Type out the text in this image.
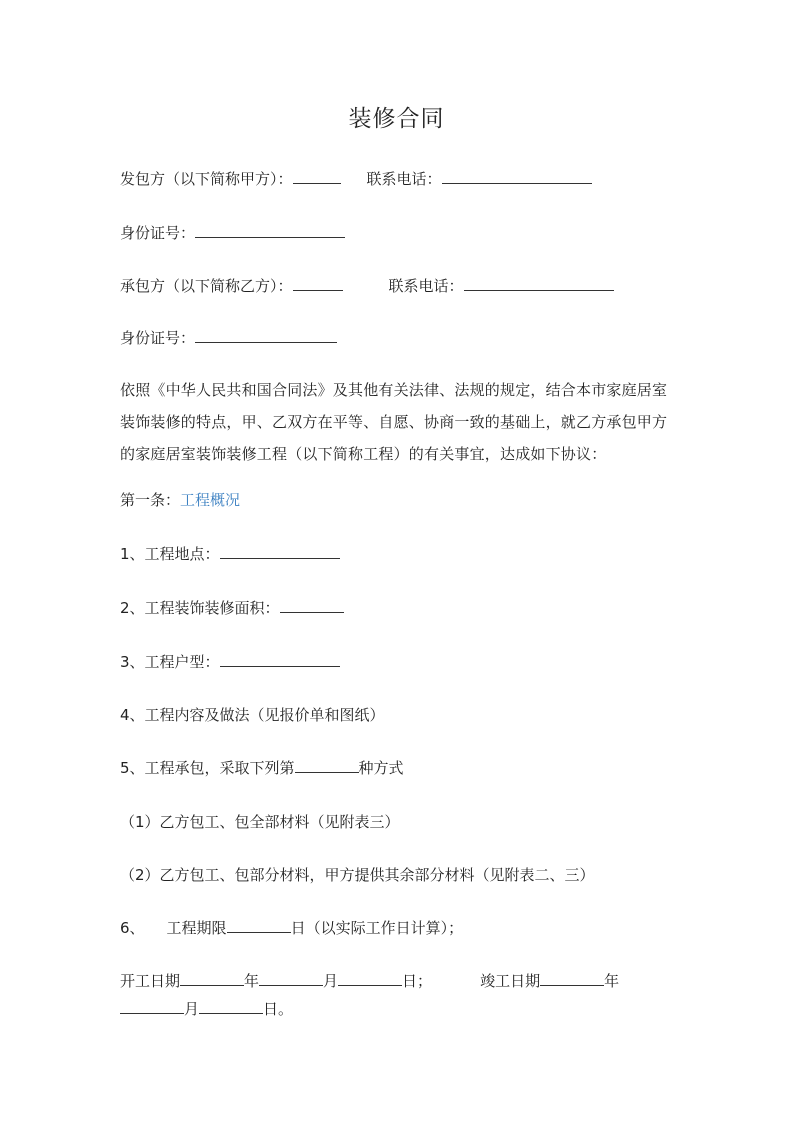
装修合同
发包方（以下简称甲方）：	联系电话：
身份证号：
承包方（以下简称乙方）：	联系电话：
身份证号：
依照《中华人民共和国合同法》及其他有关法律、法规的规定，结合本市家庭居室装饰装修的特点，甲、乙双方在平等、自愿、协商一致的基础上，就乙方承包甲方的家庭居室装饰装修工程（以下简称工程）的有关事宜，达成如下协议：
第一条：工程概况
1、工程地点：
2、工程装饰装修面积：
3、工程户型：
4、工程内容及做法（见报价单和图纸）
5、工程承包，采取下列第	种方式
（1）乙方包工、包全部材料（见附表三）
（2）乙方包工、包部分材料，甲方提供其余部分材料（见附表二、三）
6、 工程期限	日（以实际工作日计算）；
开工日期	年	月	日；	竣工日期	年
月	日。
